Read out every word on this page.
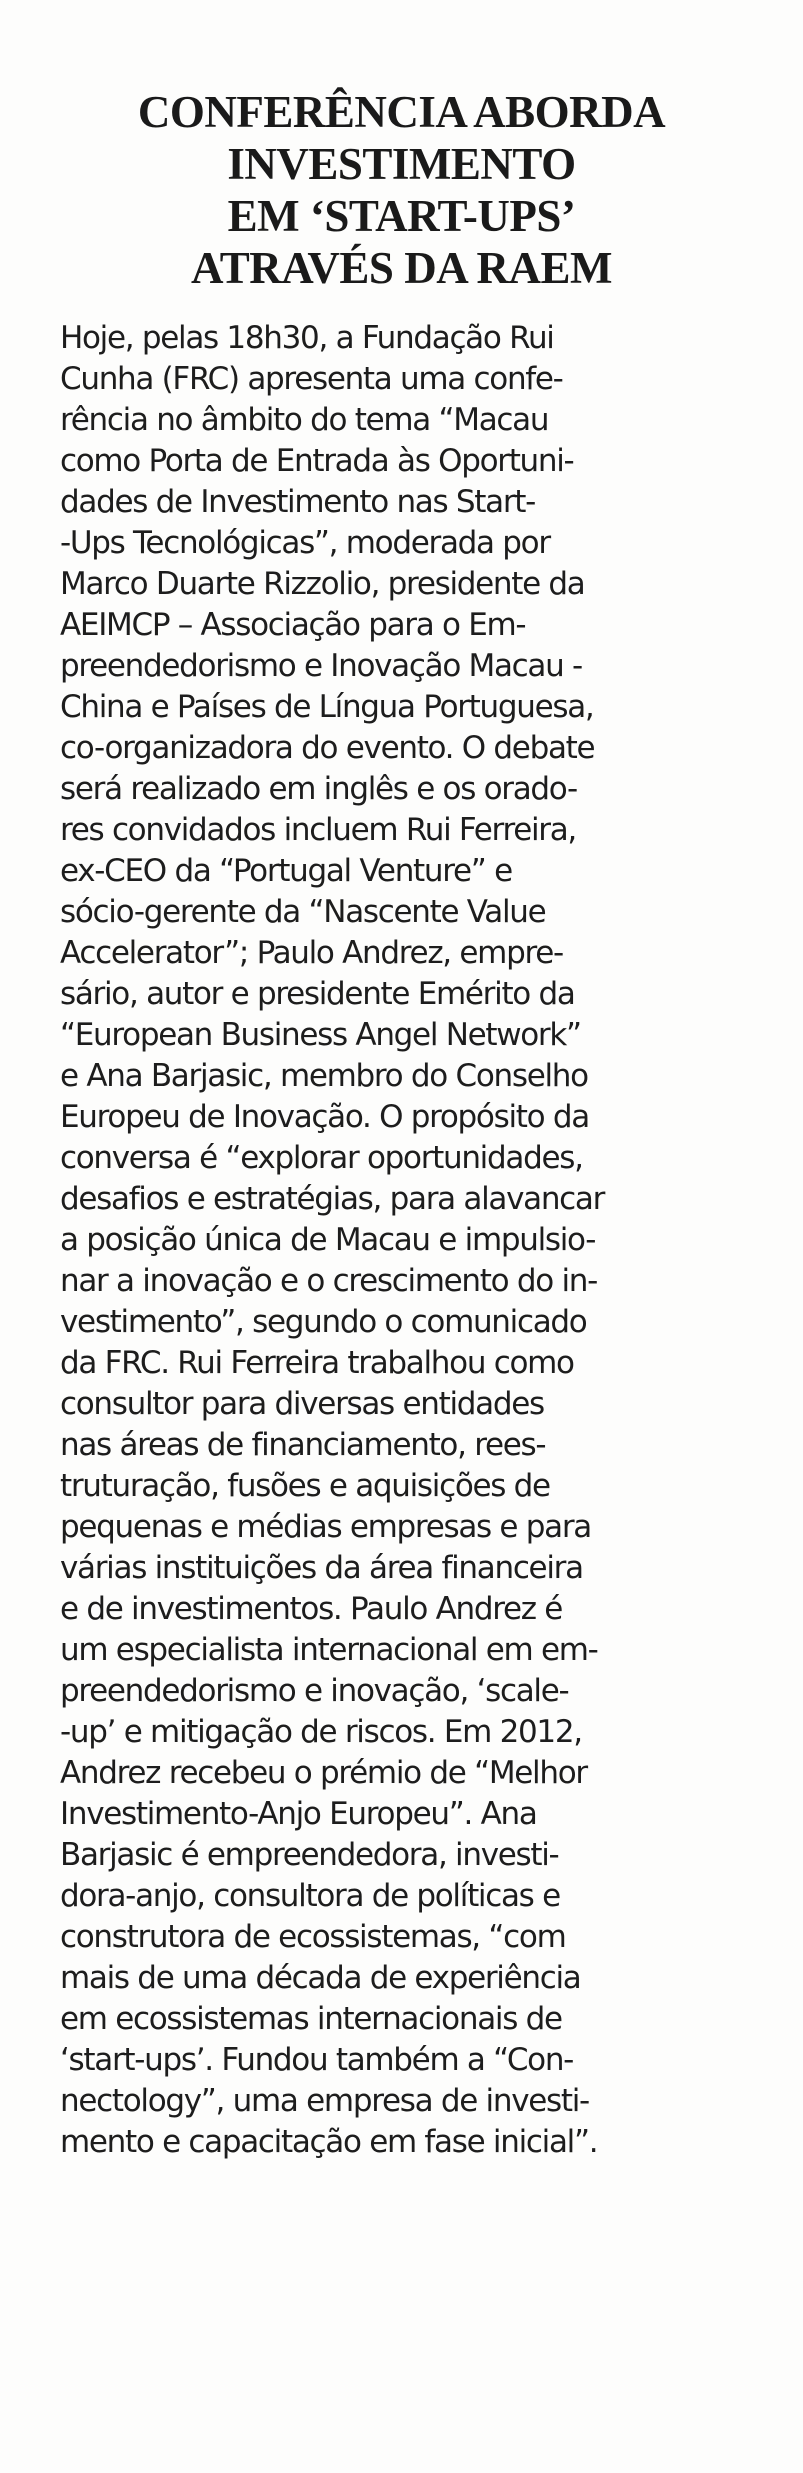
CONFERÊNCIA ABORDA
INVESTIMENTO
EM ‘START-UPS’
ATRAVÉS DA RAEM
Hoje, pelas 18h30, a Fundação Rui
Cunha (FRC) apresenta uma confe-
rência no âmbito do tema “Macau
como Porta de Entrada às Oportuni-
dades de Investimento nas Start-
-Ups Tecnológicas”, moderada por
Marco Duarte Rizzolio, presidente da
AEIMCP – Associação para o Em-
preendedorismo e Inovação Macau -
China e Países de Língua Portuguesa,
co-organizadora do evento. O debate
será realizado em inglês e os orado-
res convidados incluem Rui Ferreira,
ex-CEO da “Portugal Venture” e
sócio-gerente da “Nascente Value
Accelerator”; Paulo Andrez, empre-
sário, autor e presidente Emérito da
“European Business Angel Network”
e Ana Barjasic, membro do Conselho
Europeu de Inovação. O propósito da
conversa é “explorar oportunidades,
desafios e estratégias, para alavancar
a posição única de Macau e impulsio-
nar a inovação e o crescimento do in-
vestimento”, segundo o comunicado
da FRC. Rui Ferreira trabalhou como
consultor para diversas entidades
nas áreas de financiamento, rees-
truturação, fusões e aquisições de
pequenas e médias empresas e para
várias instituições da área financeira
e de investimentos. Paulo Andrez é
um especialista internacional em em-
preendedorismo e inovação, ‘scale-
-up’ e mitigação de riscos. Em 2012,
Andrez recebeu o prémio de “Melhor
Investimento-Anjo Europeu”. Ana
Barjasic é empreendedora, investi-
dora-anjo, consultora de políticas e
construtora de ecossistemas, “com
mais de uma década de experiência
em ecossistemas internacionais de
‘start-ups’. Fundou também a “Con-
nectology”, uma empresa de investi-
mento e capacitação em fase inicial”.
